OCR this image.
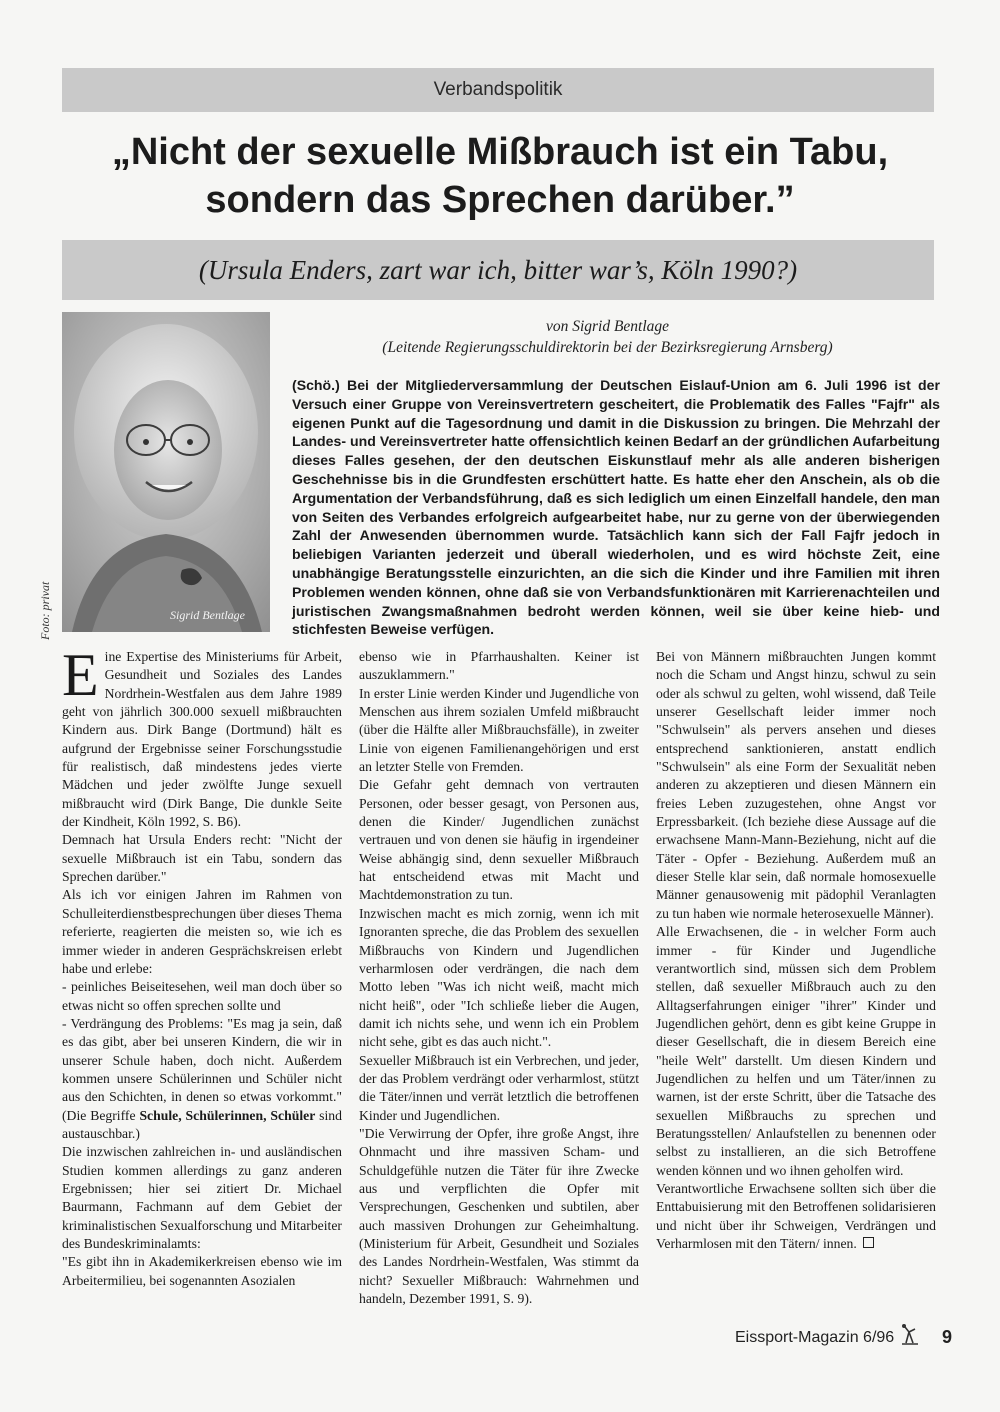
Verbandspolitik
„Nicht der sexuelle Mißbrauch ist ein Tabu,
sondern das Sprechen darüber.”
(Ursula Enders, zart war ich, bitter war’s, Köln 1990?)
Sigrid Bentlage
Foto: privat
von Sigrid Bentlage
(Leitende Regierungsschuldirektorin bei der Bezirksregierung Arnsberg)
(Schö.) Bei der Mitgliederversammlung der Deutschen Eislauf-Union am 6. Juli 1996 ist der Versuch einer Gruppe von Vereinsvertretern gescheitert, die Problematik des Falles "Fajfr" als eigenen Punkt auf die Tagesordnung und damit in die Diskussion zu bringen. Die Mehrzahl der Landes- und Vereinsvertreter hatte offensichtlich keinen Bedarf an der gründlichen Aufarbeitung dieses Falles gesehen, der den deutschen Eiskunstlauf mehr als alle anderen bisherigen Geschehnisse bis in die Grundfesten erschüttert hatte. Es hatte eher den Anschein, als ob die Argumentation der Verbandsführung, daß es sich lediglich um einen Einzelfall handele, den man von Seiten des Verbandes erfolgreich aufgearbeitet habe, nur zu gerne von der überwiegenden Zahl der Anwesenden übernommen wurde. Tatsächlich kann sich der Fall Fajfr jedoch in beliebigen Varianten jederzeit und überall wiederholen, und es wird höchste Zeit, eine unabhängige Beratungsstelle einzurichten, an die sich die Kinder und ihre Familien mit ihren Problemen wenden können, ohne daß sie von Verbandsfunktionären mit Karrierenachteilen und juristischen Zwangsmaßnahmen bedroht werden können, weil sie über keine hieb- und stichfesten Beweise verfügen.

Eine Expertise des Ministeriums für Arbeit, Gesundheit und Soziales des Landes Nordrhein-Westfalen aus dem Jahre 1989 geht von jährlich 300.000 sexuell mißbrauchten Kindern aus. Dirk Bange (Dortmund) hält es aufgrund der Ergebnisse seiner Forschungsstudie für realistisch, daß mindestens jedes vierte Mädchen und jeder zwölfte Junge sexuell mißbraucht wird (Dirk Bange, Die dunkle Seite der Kindheit, Köln 1992, S. B6).

Demnach hat Ursula Enders recht: "Nicht der sexuelle Mißbrauch ist ein Tabu, sondern das Sprechen darüber."

Als ich vor einigen Jahren im Rahmen von Schulleiterdienstbesprechungen über dieses Thema referierte, reagierten die meisten so, wie ich es immer wieder in anderen Gesprächskreisen erlebt habe und erlebe:

- peinliches Beiseitesehen, weil man doch über so etwas nicht so offen sprechen sollte und

- Verdrängung des Problems: "Es mag ja sein, daß es das gibt, aber bei unseren Kindern, die wir in unserer Schule haben, doch nicht. Außerdem kommen unsere Schülerinnen und Schüler nicht aus den Schichten, in denen so etwas vorkommt." (Die Begriffe Schule, Schülerinnen, Schüler sind austauschbar.)

Die inzwischen zahlreichen in- und ausländischen Studien kommen allerdings zu ganz anderen Ergebnissen; hier sei zitiert Dr. Michael Baurmann, Fachmann auf dem Gebiet der kriminalistischen Sexualforschung und Mitarbeiter des Bundeskriminalamts:

"Es gibt ihn in Akademikerkreisen ebenso wie im Arbeitermilieu, bei sogenannten Asozialen

ebenso wie in Pfarrhaushalten. Keiner ist auszuklammern."

In erster Linie werden Kinder und Jugendliche von Menschen aus ihrem sozialen Umfeld mißbraucht (über die Hälfte aller Mißbrauchsfälle), in zweiter Linie von eigenen Familienangehörigen und erst an letzter Stelle von Fremden.

Die Gefahr geht demnach von vertrauten Personen, oder besser gesagt, von Personen aus, denen die Kinder/ Jugendlichen zunächst vertrauen und von denen sie häufig in irgendeiner Weise abhängig sind, denn sexueller Mißbrauch hat entscheidend etwas mit Macht und Machtdemonstration zu tun.

Inzwischen macht es mich zornig, wenn ich mit Ignoranten spreche, die das Problem des sexuellen Mißbrauchs von Kindern und Jugendlichen verharmlosen oder verdrängen, die nach dem Motto leben "Was ich nicht weiß, macht mich nicht heiß", oder "Ich schließe lieber die Augen, damit ich nichts sehe, und wenn ich ein Problem nicht sehe, gibt es das auch nicht.".

Sexueller Mißbrauch ist ein Verbrechen, und jeder, der das Problem verdrängt oder verharmlost, stützt die Täter/innen und verrät letztlich die betroffenen Kinder und Jugendlichen.

"Die Verwirrung der Opfer, ihre große Angst, ihre Ohnmacht und ihre massiven Scham- und Schuldgefühle nutzen die Täter für ihre Zwecke aus und verpflichten die Opfer mit Versprechungen, Geschenken und subtilen, aber auch massiven Drohungen zur Geheimhaltung. (Ministerium für Arbeit, Gesundheit und Soziales des Landes Nordrhein-Westfalen, Was stimmt da nicht? Sexueller Mißbrauch: Wahrnehmen und handeln, Dezember 1991, S. 9).

Bei von Männern mißbrauchten Jungen kommt noch die Scham und Angst hinzu, schwul zu sein oder als schwul zu gelten, wohl wissend, daß Teile unserer Gesellschaft leider immer noch "Schwulsein" als pervers ansehen und dieses entsprechend sanktionieren, anstatt endlich "Schwulsein" als eine Form der Sexualität neben anderen zu akzeptieren und diesen Männern ein freies Leben zuzugestehen, ohne Angst vor Erpressbarkeit. (Ich beziehe diese Aussage auf die erwachsene Mann-Mann-Beziehung, nicht auf die Täter - Opfer - Beziehung. Außerdem muß an dieser Stelle klar sein, daß normale homosexuelle Männer genausowenig mit pädophil Veranlagten zu tun haben wie normale heterosexuelle Männer).

Alle Erwachsenen, die - in welcher Form auch immer - für Kinder und Jugendliche verantwortlich sind, müssen sich dem Problem stellen, daß sexueller Mißbrauch auch zu den Alltagserfahrungen einiger "ihrer" Kinder und Jugendlichen gehört, denn es gibt keine Gruppe in dieser Gesellschaft, die in diesem Bereich eine "heile Welt" darstellt. Um diesen Kindern und Jugendlichen zu helfen und um Täter/innen zu warnen, ist der erste Schritt, über die Tatsache des sexuellen Mißbrauchs zu sprechen und Beratungsstellen/ Anlaufstellen zu benennen oder selbst zu installieren, an die sich Betroffene wenden können und wo ihnen geholfen wird.

Verantwortliche Erwachsene sollten sich über die Enttabuisierung mit den Betroffenen solidarisieren und nicht über ihr Schweigen, Verdrängen und Verharmlosen mit den Tätern/ innen.

Eissport-Magazin 6/96	9
